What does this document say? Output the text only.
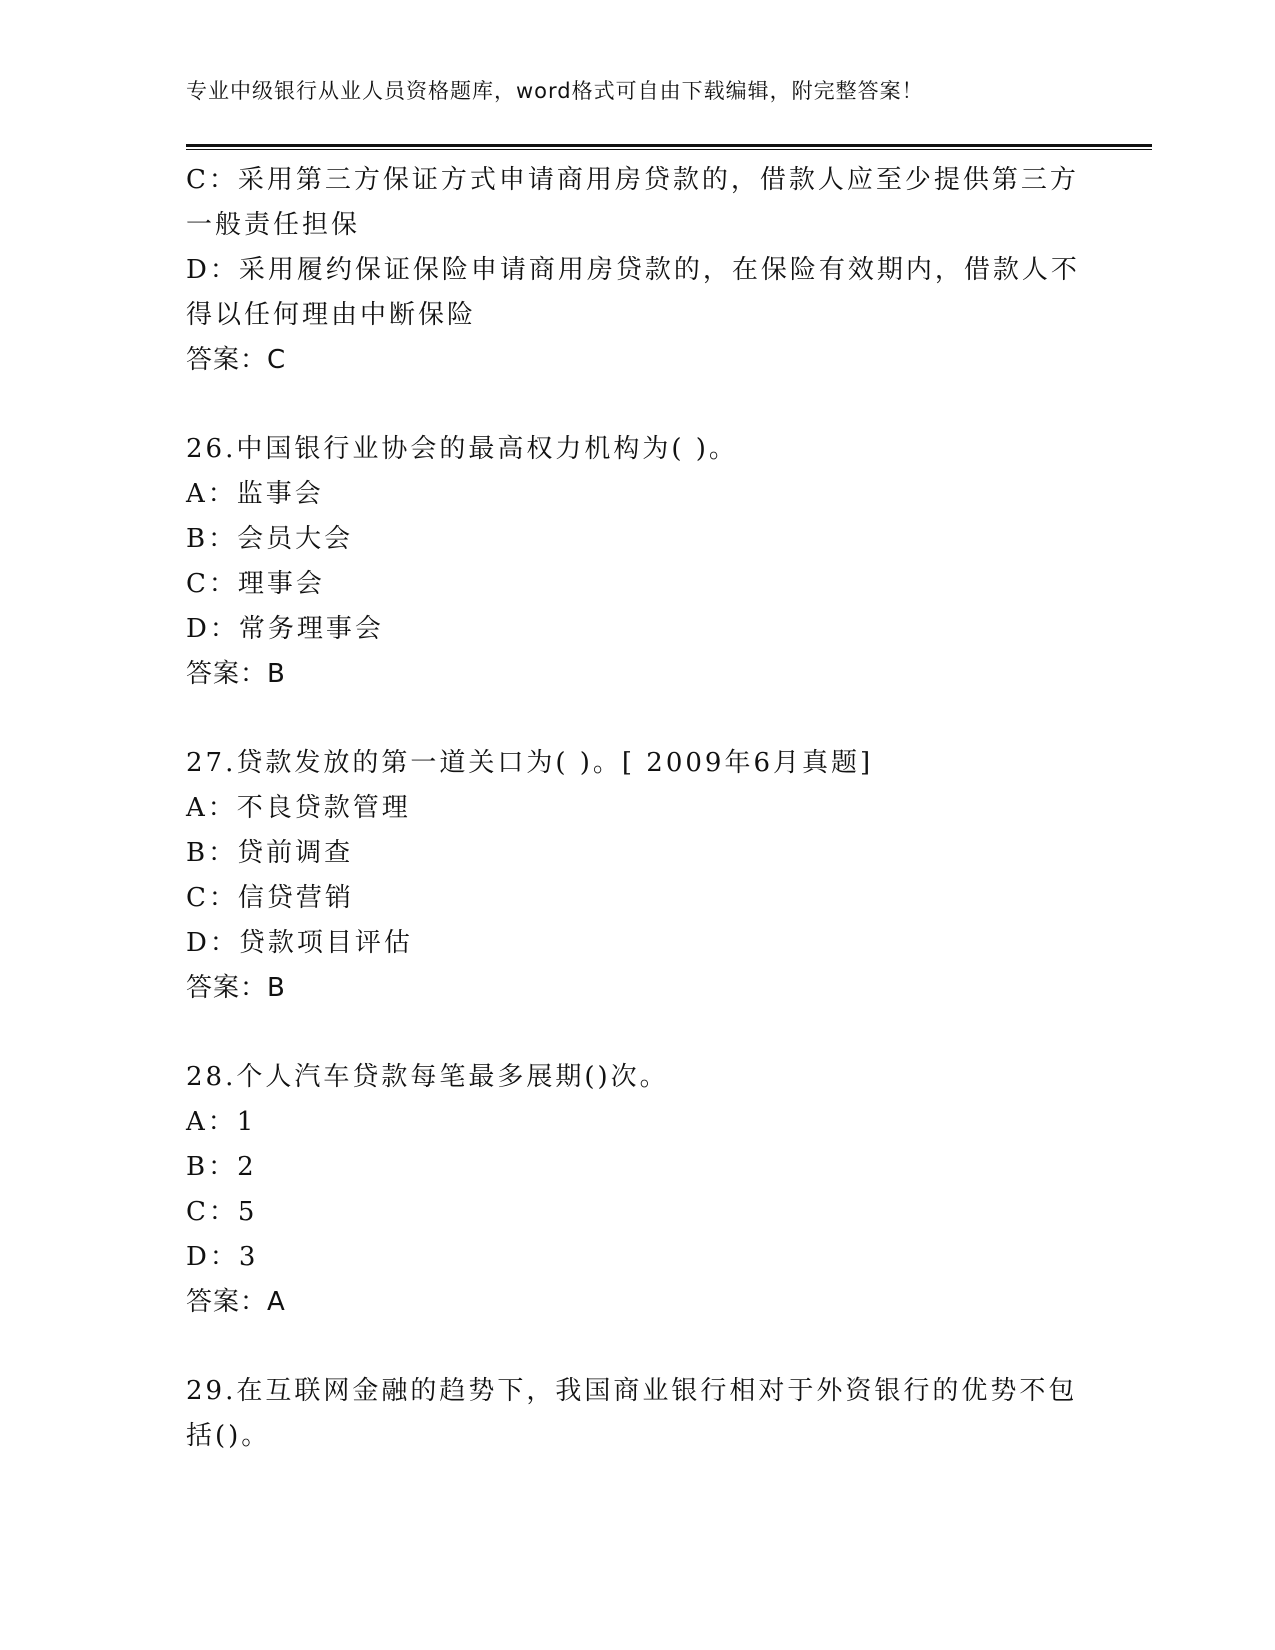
专业中级银行从业人员资格题库，word格式可自由下载编辑，附完整答案！
C：采用第三方保证方式申请商用房贷款的，借款人应至少提供第三方
一般责任担保
D：采用履约保证保险申请商用房贷款的，在保险有效期内，借款人不
得以任何理由中断保险
答案：C
26.中国银行业协会的最高权力机构为( )。
A：监事会
B：会员大会
C：理事会
D：常务理事会
答案：B
27.贷款发放的第一道关口为( )。[ 2009年6月真题]
A：不良贷款管理
B：贷前调查
C：信贷营销
D：贷款项目评估
答案：B
28.个人汽车贷款每笔最多展期()次。
A：1
B：2
C：5
D：3
答案：A
29.在互联网金融的趋势下，我国商业银行相对于外资银行的优势不包
括()。
